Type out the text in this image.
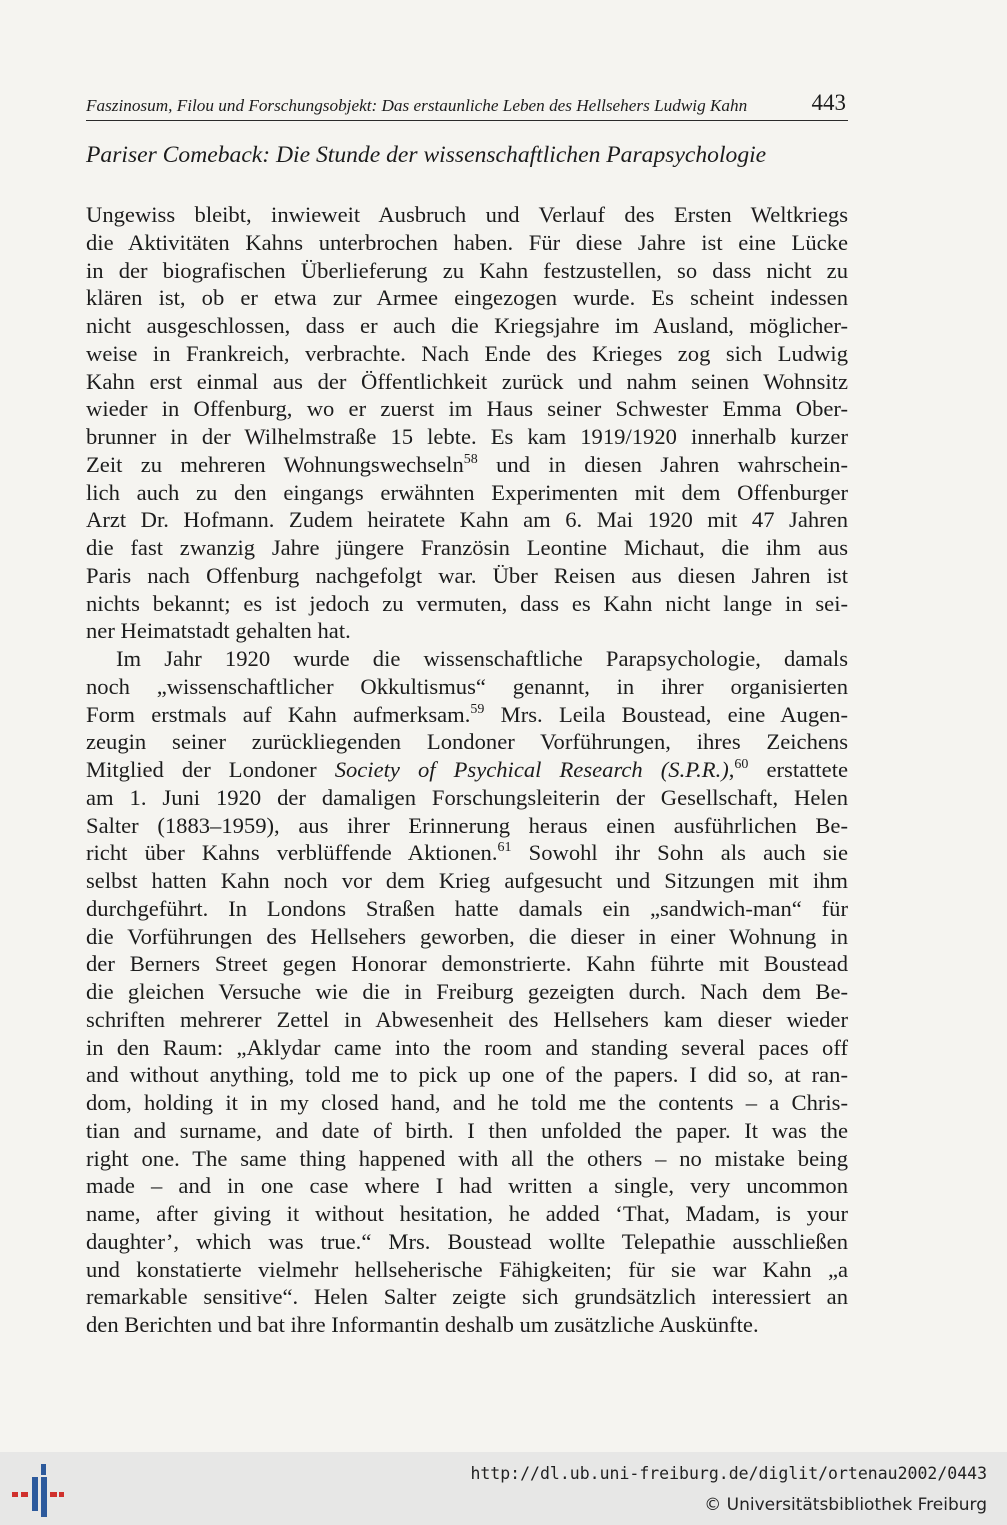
Faszinosum, Filou und Forschungsobjekt: Das erstaunliche Leben des Hellsehers Ludwig Kahn	443
Pariser Comeback: Die Stunde der wissenschaftlichen Parapsychologie
Ungewiss bleibt, inwieweit Ausbruch und Verlauf des Ersten Weltkriegs
die Aktivitäten Kahns unterbrochen haben. Für diese Jahre ist eine Lücke
in der biografischen Überlieferung zu Kahn festzustellen, so dass nicht zu
klären ist, ob er etwa zur Armee eingezogen wurde. Es scheint indessen
nicht ausgeschlossen, dass er auch die Kriegsjahre im Ausland, möglicher-
weise in Frankreich, verbrachte. Nach Ende des Krieges zog sich Ludwig
Kahn erst einmal aus der Öffentlichkeit zurück und nahm seinen Wohnsitz
wieder in Offenburg, wo er zuerst im Haus seiner Schwester Emma Ober-
brunner in der Wilhelmstraße 15 lebte. Es kam 1919/1920 innerhalb kurzer
Zeit zu mehreren Wohnungswechseln$^{58}$ und in diesen Jahren wahrschein-
lich auch zu den eingangs erwähnten Experimenten mit dem Offenburger
Arzt Dr. Hofmann. Zudem heiratete Kahn am 6. Mai 1920 mit 47 Jahren
die fast zwanzig Jahre jüngere Französin Leontine Michaut, die ihm aus
Paris nach Offenburg nachgefolgt war. Über Reisen aus diesen Jahren ist
nichts bekannt; es ist jedoch zu vermuten, dass es Kahn nicht lange in sei-
ner Heimatstadt gehalten hat.
Im Jahr 1920 wurde die wissenschaftliche Parapsychologie, damals
noch „wissenschaftlicher Okkultismus“ genannt, in ihrer organisierten
Form erstmals auf Kahn aufmerksam.$^{59}$ Mrs. Leila Boustead, eine Augen-
zeugin seiner zurückliegenden Londoner Vorführungen, ihres Zeichens
Mitglied der Londoner Society of Psychical Research (S.P.R.),$^{60}$ erstattete
am 1. Juni 1920 der damaligen Forschungsleiterin der Gesellschaft, Helen
Salter (1883–1959), aus ihrer Erinnerung heraus einen ausführlichen Be-
richt über Kahns verblüffende Aktionen.$^{61}$ Sowohl ihr Sohn als auch sie
selbst hatten Kahn noch vor dem Krieg aufgesucht und Sitzungen mit ihm
durchgeführt. In Londons Straßen hatte damals ein „sandwich-man“ für
die Vorführungen des Hellsehers geworben, die dieser in einer Wohnung in
der Berners Street gegen Honorar demonstrierte. Kahn führte mit Boustead
die gleichen Versuche wie die in Freiburg gezeigten durch. Nach dem Be-
schriften mehrerer Zettel in Abwesenheit des Hellsehers kam dieser wieder
in den Raum: „Aklydar came into the room and standing several paces off
and without anything, told me to pick up one of the papers. I did so, at ran-
dom, holding it in my closed hand, and he told me the contents – a Chris-
tian and surname, and date of birth. I then unfolded the paper. It was the
right one. The same thing happened with all the others – no mistake being
made – and in one case where I had written a single, very uncommon
name, after giving it without hesitation, he added ‘That, Madam, is your
daughter’, which was true.“ Mrs. Boustead wollte Telepathie ausschließen
und konstatierte vielmehr hellseherische Fähigkeiten; für sie war Kahn „a
remarkable sensitive“. Helen Salter zeigte sich grundsätzlich interessiert an
den Berichten und bat ihre Informantin deshalb um zusätzliche Auskünfte.
http://dl.ub.uni-freiburg.de/diglit/ortenau2002/0443
© Universitätsbibliothek Freiburg
